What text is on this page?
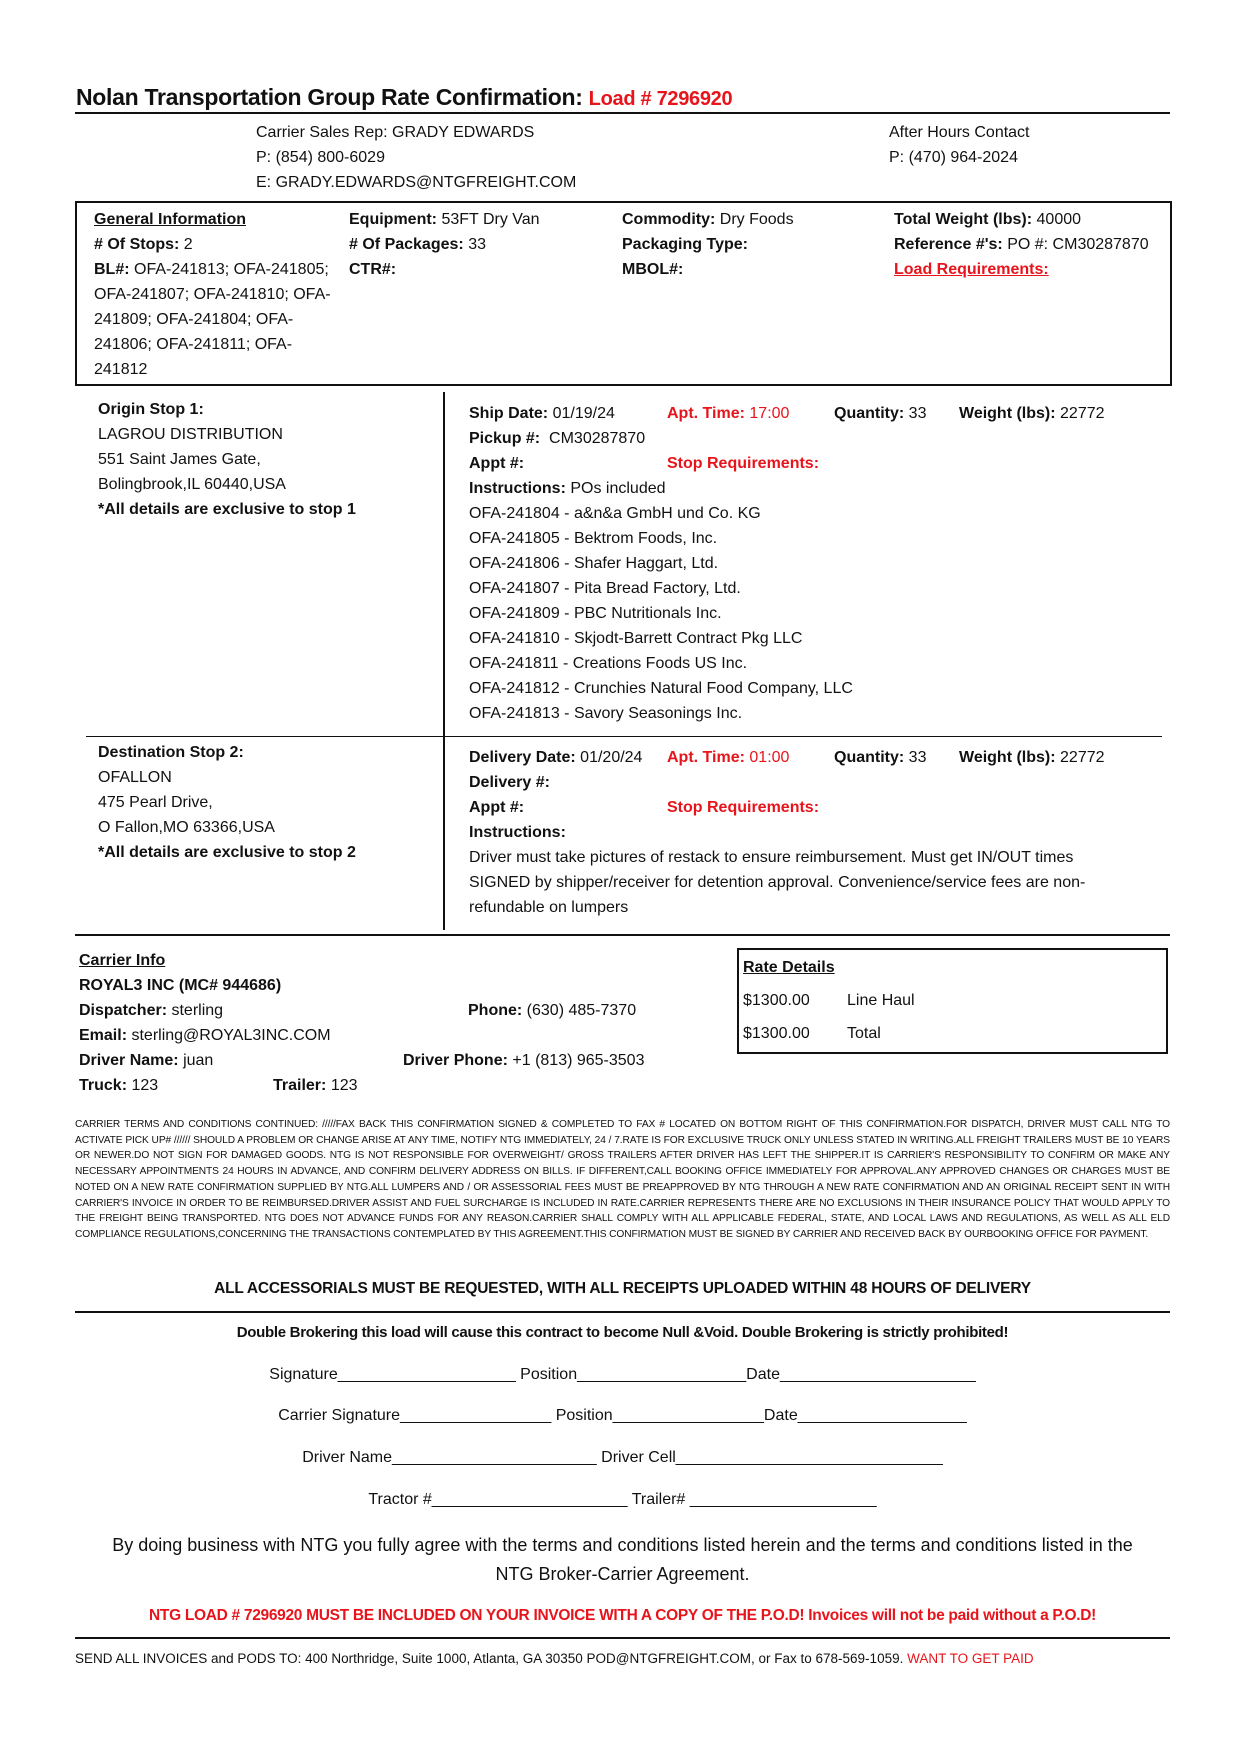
Nolan Transportation Group Rate Confirmation: Load # 7296920
Carrier Sales Rep: GRADY EDWARDS
P: (854) 800-6029
E: GRADY.EDWARDS@NTGFREIGHT.COM
After Hours Contact
P: (470) 964-2024
General Information
# Of Stops: 2
BL#: OFA-241813; OFA-241805;
OFA-241807; OFA-241810; OFA-
241809; OFA-241804; OFA-
241806; OFA-241811; OFA-
241812
Equipment: 53FT Dry Van
# Of Packages: 33
CTR#:
Commodity: Dry Foods
Packaging Type:
MBOL#:
Total Weight (lbs): 40000
Reference #'s: PO #: CM30287870
Load Requirements:
Origin Stop 1:
LAGROU DISTRIBUTION
551 Saint James Gate,
Bolingbrook,IL 60440,USA
*All details are exclusive to stop 1
Ship Date: 01/19/24	Apt. Time: 17:00	Quantity: 33 Weight (lbs): 22772
Pickup #: CM30287870
Appt #:	Stop Requirements:
Instructions: POs included
OFA-241804 - a&n&a GmbH und Co. KG
OFA-241805 - Bektrom Foods, Inc.
OFA-241806 - Shafer Haggart, Ltd.
OFA-241807 - Pita Bread Factory, Ltd.
OFA-241809 - PBC Nutritionals Inc.
OFA-241810 - Skjodt-Barrett Contract Pkg LLC
OFA-241811 - Creations Foods US Inc.
OFA-241812 - Crunchies Natural Food Company, LLC
OFA-241813 - Savory Seasonings Inc.
Destination Stop 2:
OFALLON
475 Pearl Drive,
O Fallon,MO 63366,USA
*All details are exclusive to stop 2
Delivery Date: 01/20/24 Apt. Time: 01:00	Quantity: 33 Weight (lbs): 22772
Delivery #:
Appt #:	Stop Requirements:
Instructions:
Driver must take pictures of restack to ensure reimbursement. Must get IN/OUT times
SIGNED by shipper/receiver for detention approval. Convenience/service fees are non-
refundable on lumpers
Carrier Info
ROYAL3 INC (MC# 944686)
Dispatcher: sterling	Phone: (630) 485-7370
Email: sterling@ROYAL3INC.COM
Driver Name: juan	Driver Phone: +1 (813) 965-3503
Truck: 123	Trailer: 123
Rate Details
$1300.00 Line Haul
$1300.00 Total
CARRIER TERMS AND CONDITIONS CONTINUED: /////FAX BACK THIS CONFIRMATION SIGNED & COMPLETED TO FAX # LOCATED ON BOTTOM RIGHT OF THIS CONFIRMATION.FOR DISPATCH, DRIVER MUST CALL NTG TO ACTIVATE PICK UP# ////// SHOULD A PROBLEM OR CHANGE ARISE AT ANY TIME, NOTIFY NTG IMMEDIATELY, 24 / 7.RATE IS FOR EXCLUSIVE TRUCK ONLY UNLESS STATED IN WRITING.ALL FREIGHT TRAILERS MUST BE 10 YEARS OR NEWER.DO NOT SIGN FOR DAMAGED GOODS. NTG IS NOT RESPONSIBLE FOR OVERWEIGHT/ GROSS TRAILERS AFTER DRIVER HAS LEFT THE SHIPPER.IT IS CARRIER'S RESPONSIBILITY TO CONFIRM OR MAKE ANY NECESSARY APPOINTMENTS 24 HOURS IN ADVANCE, AND CONFIRM DELIVERY ADDRESS ON BILLS. IF DIFFERENT,CALL BOOKING OFFICE IMMEDIATELY FOR APPROVAL.ANY APPROVED CHANGES OR CHARGES MUST BE NOTED ON A NEW RATE CONFIRMATION SUPPLIED BY NTG.ALL LUMPERS AND / OR ASSESSORIAL FEES MUST BE PREAPPROVED BY NTG THROUGH A NEW RATE CONFIRMATION AND AN ORIGINAL RECEIPT SENT IN WITH CARRIER'S INVOICE IN ORDER TO BE REIMBURSED.DRIVER ASSIST AND FUEL SURCHARGE IS INCLUDED IN RATE.CARRIER REPRESENTS THERE ARE NO EXCLUSIONS IN THEIR INSURANCE POLICY THAT WOULD APPLY TO THE FREIGHT BEING TRANSPORTED. NTG DOES NOT ADVANCE FUNDS FOR ANY REASON.CARRIER SHALL COMPLY WITH ALL APPLICABLE FEDERAL, STATE, AND LOCAL LAWS AND REGULATIONS, AS WELL AS ALL ELD COMPLIANCE REGULATIONS,CONCERNING THE TRANSACTIONS CONTEMPLATED BY THIS AGREEMENT.THIS CONFIRMATION MUST BE SIGNED BY CARRIER AND RECEIVED BACK BY OURBOOKING OFFICE FOR PAYMENT.
ALL ACCESSORIALS MUST BE REQUESTED, WITH ALL RECEIPTS UPLOADED WITHIN 48 HOURS OF DELIVERY
Double Brokering this load will cause this contract to become Null &Void. Double Brokering is strictly prohibited!
Signature____________________ Position___________________Date______________________
Carrier Signature_________________ Position_________________Date___________________
Driver Name_______________________ Driver Cell______________________________
Tractor #______________________ Trailer# _____________________
By doing business with NTG you fully agree with the terms and conditions listed herein and the terms and conditions listed in the
NTG Broker-Carrier Agreement.
NTG LOAD # 7296920 MUST BE INCLUDED ON YOUR INVOICE WITH A COPY OF THE P.O.D! Invoices will not be paid without a P.O.D!
SEND ALL INVOICES and PODS TO: 400 Northridge, Suite 1000, Atlanta, GA 30350 POD@NTGFREIGHT.COM, or Fax to 678-569-1059. WANT TO GET PAID
